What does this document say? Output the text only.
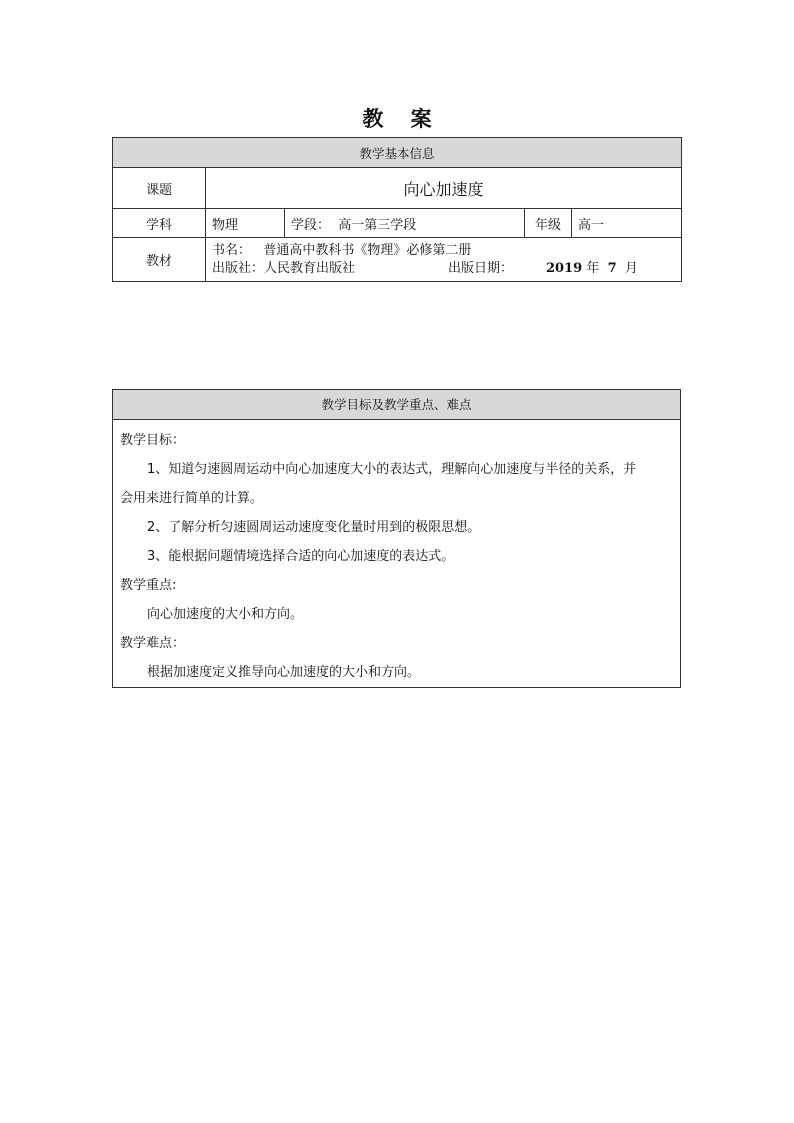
教 案
教学基本信息				
课题	向心加速度			
学科	物理	学段：  高一第三学段	年级	高一
教材	书名：   普通高中教科书《物理》必修第二册
出版社：人民教育出版社 出版日期： 2019 年 7 月			
教学目标及教学重点、难点

教学目标：

1、知道匀速圆周运动中向心加速度大小的表达式，理解向心加速度与半径的关系，并

会用来进行简单的计算。

2、了解分析匀速圆周运动速度变化量时用到的极限思想。

3、能根据问题情境选择合适的向心加速度的表达式。

教学重点:

向心加速度的大小和方向。

教学难点：

根据加速度定义推导向心加速度的大小和方向。
